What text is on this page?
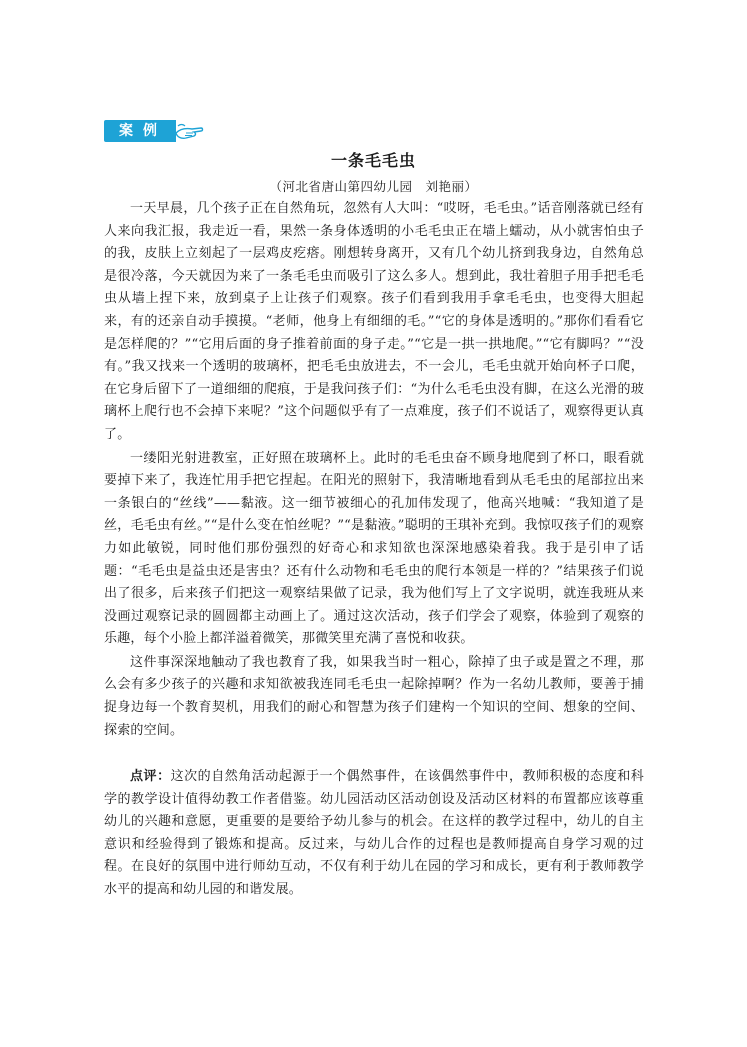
案例
一条毛毛虫
（河北省唐山第四幼儿园　刘艳丽）

一天早晨，几个孩子正在自然角玩，忽然有人大叫：“哎呀，毛毛虫。”话音刚落就已经有人来向我汇报，我走近一看，果然一条身体透明的小毛毛虫正在墙上蠕动，从小就害怕虫子的我，皮肤上立刻起了一层鸡皮疙瘩。刚想转身离开，又有几个幼儿挤到我身边，自然角总是很冷落，今天就因为来了一条毛毛虫而吸引了这么多人。想到此，我壮着胆子用手把毛毛虫从墙上捏下来，放到桌子上让孩子们观察。孩子们看到我用手拿毛毛虫，也变得大胆起来，有的还亲自动手摸摸。“老师，他身上有细细的毛。”“它的身体是透明的。”那你们看看它是怎样爬的？”“它用后面的身子推着前面的身子走。”“它是一拱一拱地爬。”“它有脚吗？”“没有。”我又找来一个透明的玻璃杯，把毛毛虫放进去，不一会儿，毛毛虫就开始向杯子口爬，在它身后留下了一道细细的爬痕，于是我问孩子们：“为什么毛毛虫没有脚，在这么光滑的玻璃杯上爬行也不会掉下来呢？”这个问题似乎有了一点难度，孩子们不说话了，观察得更认真了。

一缕阳光射进教室，正好照在玻璃杯上。此时的毛毛虫奋不顾身地爬到了杯口，眼看就要掉下来了，我连忙用手把它捏起。在阳光的照射下，我清晰地看到从毛毛虫的尾部拉出来一条银白的“丝线”——黏液。这一细节被细心的孔加伟发现了，他高兴地喊：“我知道了是丝，毛毛虫有丝。”“是什么变在怕丝呢？”“是黏液。”聪明的王琪补充到。我惊叹孩子们的观察力如此敏锐，同时他们那份强烈的好奇心和求知欲也深深地感染着我。我于是引申了话题：“毛毛虫是益虫还是害虫？还有什么动物和毛毛虫的爬行本领是一样的？”结果孩子们说出了很多，后来孩子们把这一观察结果做了记录，我为他们写上了文字说明，就连我班从来没画过观察记录的圆圆都主动画上了。通过这次活动，孩子们学会了观察，体验到了观察的乐趣，每个小脸上都洋溢着微笑，那微笑里充满了喜悦和收获。

这件事深深地触动了我也教育了我，如果我当时一粗心，除掉了虫子或是置之不理，那么会有多少孩子的兴趣和求知欲被我连同毛毛虫一起除掉啊？作为一名幼儿教师，要善于捕捉身边每一个教育契机，用我们的耐心和智慧为孩子们建构一个知识的空间、想象的空间、探索的空间。

点评：这次的自然角活动起源于一个偶然事件，在该偶然事件中，教师积极的态度和科学的教学设计值得幼教工作者借鉴。幼儿园活动区活动创设及活动区材料的布置都应该尊重幼儿的兴趣和意愿，更重要的是要给予幼儿参与的机会。在这样的教学过程中，幼儿的自主意识和经验得到了锻炼和提高。反过来，与幼儿合作的过程也是教师提高自身学习观的过程。在良好的氛围中进行师幼互动，不仅有利于幼儿在园的学习和成长，更有利于教师教学水平的提高和幼儿园的和谐发展。
